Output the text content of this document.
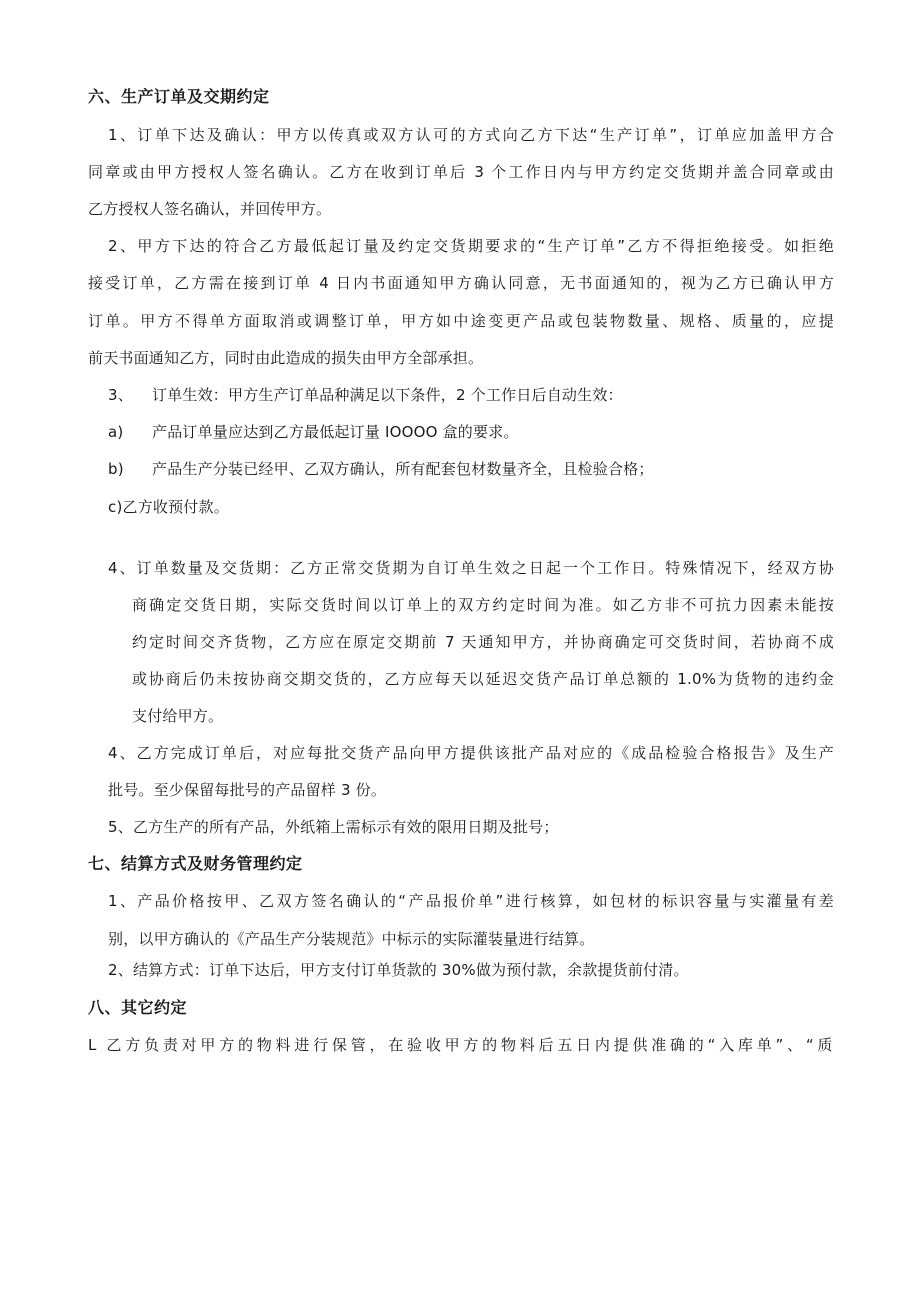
六、生产订单及交期约定
1、订单下达及确认：甲方以传真或双方认可的方式向乙方下达“生产订单”，订单应加盖甲方合
同章或由甲方授权人签名确认。乙方在收到订单后 3 个工作日内与甲方约定交货期并盖合同章或由
乙方授权人签名确认，并回传甲方。
2、甲方下达的符合乙方最低起订量及约定交货期要求的“生产订单”乙方不得拒绝接受。如拒绝
接受订单，乙方需在接到订单 4 日内书面通知甲方确认同意，无书面通知的，视为乙方已确认甲方
订单。甲方不得单方面取消或调整订单，甲方如中途变更产品或包装物数量、规格、质量的，应提
前天书面通知乙方，同时由此造成的损失由甲方全部承担。
3、 订单生效：甲方生产订单品种满足以下条件，2 个工作日后自动生效：
a) 产品订单量应达到乙方最低起订量 IOOOO 盒的要求。
b) 产品生产分装已经甲、乙双方确认，所有配套包材数量齐全，且检验合格；
c)乙方收预付款。
4、订单数量及交货期：乙方正常交货期为自订单生效之日起一个工作日。特殊情况下，经双方协
商确定交货日期，实际交货时间以订单上的双方约定时间为准。如乙方非不可抗力因素未能按
约定时间交齐货物，乙方应在原定交期前 7 天通知甲方，并协商确定可交货时间，若协商不成
或协商后仍未按协商交期交货的，乙方应每天以延迟交货产品订单总额的 1.0%为货物的违约金
支付给甲方。
4、乙方完成订单后，对应每批交货产品向甲方提供该批产品对应的《成品检验合格报告》及生产
批号。至少保留每批号的产品留样 3 份。
5、乙方生产的所有产品，外纸箱上需标示有效的限用日期及批号；
七、结算方式及财务管理约定
1、产品价格按甲、乙双方签名确认的“产品报价单”进行核算，如包材的标识容量与实灌量有差
别，以甲方确认的《产品生产分装规范》中标示的实际灌装量进行结算。
2、结算方式：订单下达后，甲方支付订单货款的 30%做为预付款，余款提货前付清。
八、其它约定
L 乙方负责对甲方的物料进行保管，在验收甲方的物料后五日内提供准确的“入库单”、“质
